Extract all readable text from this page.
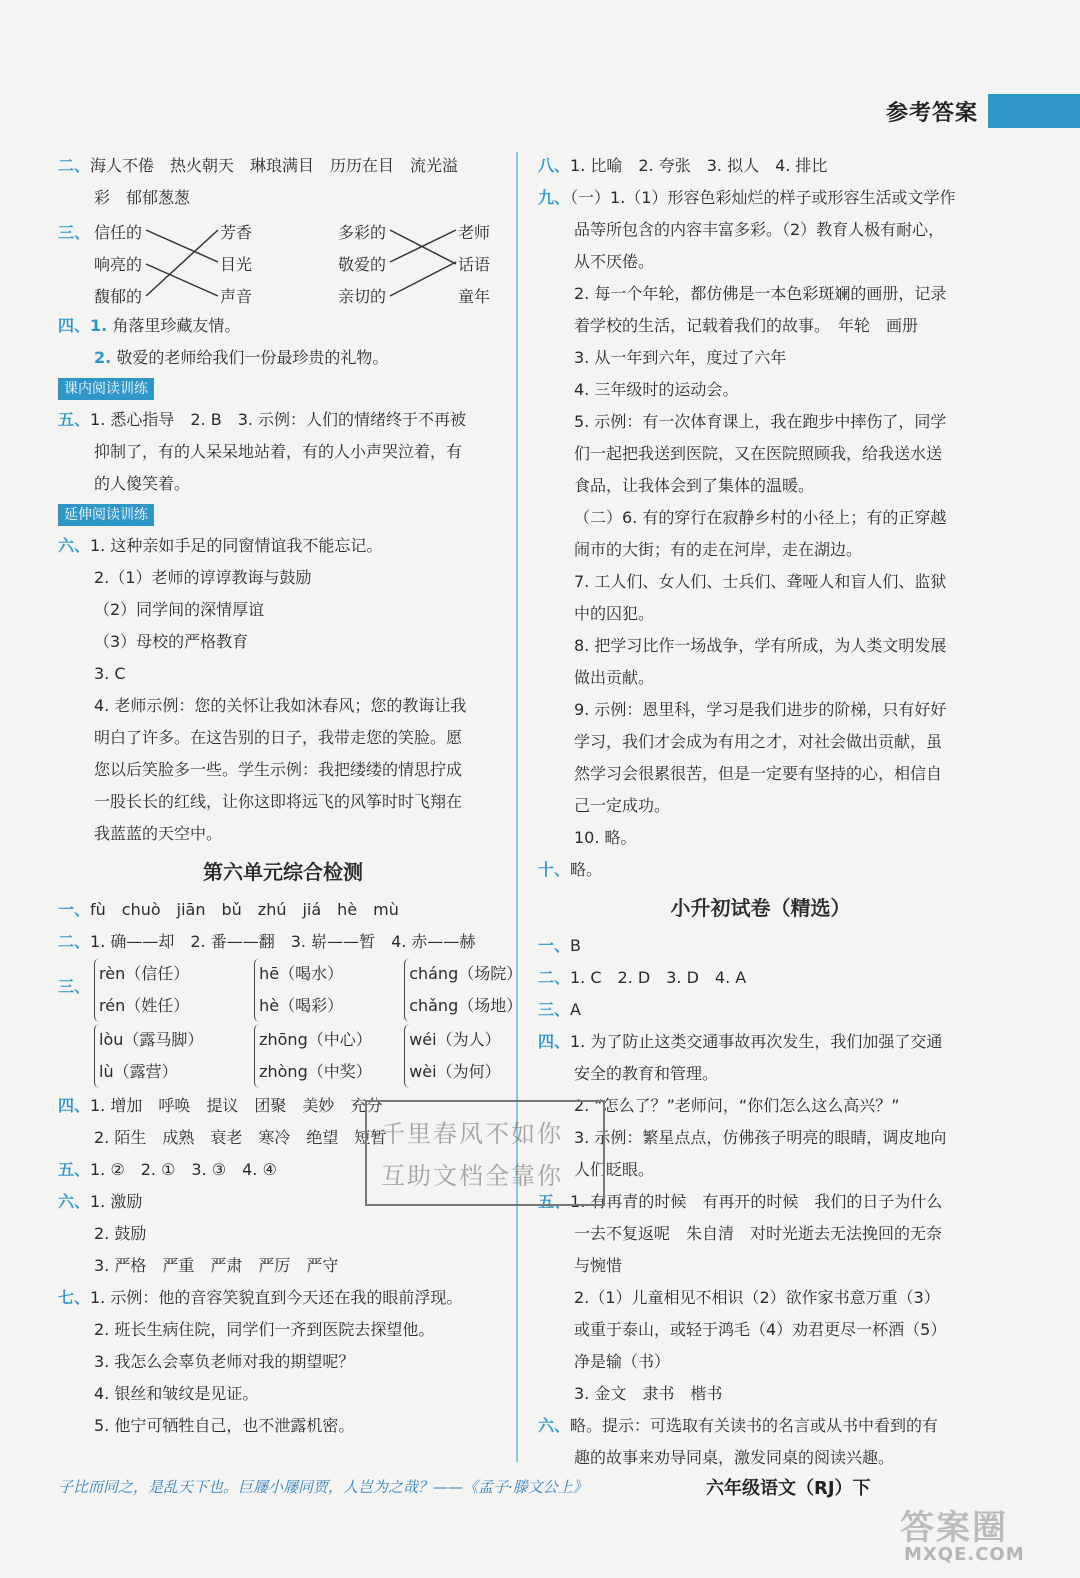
参考答案
二、海人不倦　热火朝天　琳琅满目　历历在目　流光溢
彩　郁郁葱葱
三、 信任的
响亮的
馥郁的
芳香
目光
声音
多彩的
敬爱的
亲切的
老师
话语
童年
四、1. 角落里珍藏友情。
2. 敬爱的老师给我们一份最珍贵的礼物。
课内阅读训练
五、1. 悉心指导　2. B　3. 示例：人们的情绪终于不再被
抑制了，有的人呆呆地站着，有的人小声哭泣着，有
的人傻笑着。
延伸阅读训练
六、1. 这种亲如手足的同窗情谊我不能忘记。
2.（1）老师的谆谆教诲与鼓励
（2）同学间的深情厚谊
（3）母校的严格教育
3. C
4. 老师示例：您的关怀让我如沐春风；您的教诲让我
明白了许多。在这告别的日子，我带走您的笑脸。愿
您以后笑脸多一些。学生示例：我把缕缕的情思拧成
一股长长的红线，让你这即将远飞的风筝时时飞翔在
我蓝蓝的天空中。
第六单元综合检测
一、fù　chuò　jiān　bǔ　zhú　jiá　hè　mù
二、1. 确——却　2. 番——翻　3. 崭——暂　4. 赤——赫
三、
rèn（信任）
rén（姓任）

hē（喝水）
hè（喝彩）

cháng（场院）
chǎng（场地）
lòu（露马脚）
lù（露营）

zhōng（中心）
zhòng（中奖）

wéi（为人）
wèi（为何）
四、1. 增加　呼唤　提议　团聚　美妙　充分
2. 陌生　成熟　衰老　寒冷　绝望　短暂
五、1. ②　2. ①　3. ③　4. ④
六、1. 激励
2. 鼓励
3. 严格　严重　严肃　严厉　严守
七、1. 示例：他的音容笑貌直到今天还在我的眼前浮现。
2. 班长生病住院，同学们一齐到医院去探望他。
3. 我怎么会辜负老师对我的期望呢？
4. 银丝和皱纹是见证。
5. 他宁可牺牲自己，也不泄露机密。
八、1. 比喻　2. 夸张　3. 拟人　4. 排比
九、（一）1.（1）形容色彩灿烂的样子或形容生活或文学作
品等所包含的内容丰富多彩。（2）教育人极有耐心，
从不厌倦。
2. 每一个年轮，都仿佛是一本色彩斑斓的画册，记录
着学校的生活，记载着我们的故事。　年轮　画册
3. 从一年到六年，度过了六年
4. 三年级时的运动会。
5. 示例：有一次体育课上，我在跑步中摔伤了，同学
们一起把我送到医院，又在医院照顾我，给我送水送
食品，让我体会到了集体的温暖。
（二）6. 有的穿行在寂静乡村的小径上；有的正穿越
闹市的大街；有的走在河岸，走在湖边。
7. 工人们、女人们、士兵们、聋哑人和盲人们、监狱
中的囚犯。
8. 把学习比作一场战争，学有所成，为人类文明发展
做出贡献。
9. 示例：恩里科，学习是我们进步的阶梯，只有好好
学习，我们才会成为有用之才，对社会做出贡献，虽
然学习会很累很苦，但是一定要有坚持的心，相信自
己一定成功。
10. 略。
十、略。
小升初试卷（精选）
一、B
二、1. C　2. D　3. D　4. A
三、A
四、1. 为了防止这类交通事故再次发生，我们加强了交通
安全的教育和管理。
2. “怎么了？”老师问，“你们怎么这么高兴？”
3. 示例：繁星点点，仿佛孩子明亮的眼睛，调皮地向
人们眨眼。
五、1. 有再青的时候　有再开的时候　我们的日子为什么
一去不复返呢　朱自清　对时光逝去无法挽回的无奈
与惋惜
2.（1）儿童相见不相识（2）欲作家书意万重（3）
或重于泰山，或轻于鸿毛（4）劝君更尽一杯酒（5）
净是输（书）
3. 金文　隶书　楷书
六、略。提示：可选取有关读书的名言或从书中看到的有
趣的故事来劝导同桌，激发同桌的阅读兴趣。
千里春风不如你
互助文档全靠你
子比而同之，是乱天下也。巨屦小屦同贾，人岂为之哉？——《孟子·滕文公上》	六年级语文（RJ）下
答案圈
MXQE.COM
